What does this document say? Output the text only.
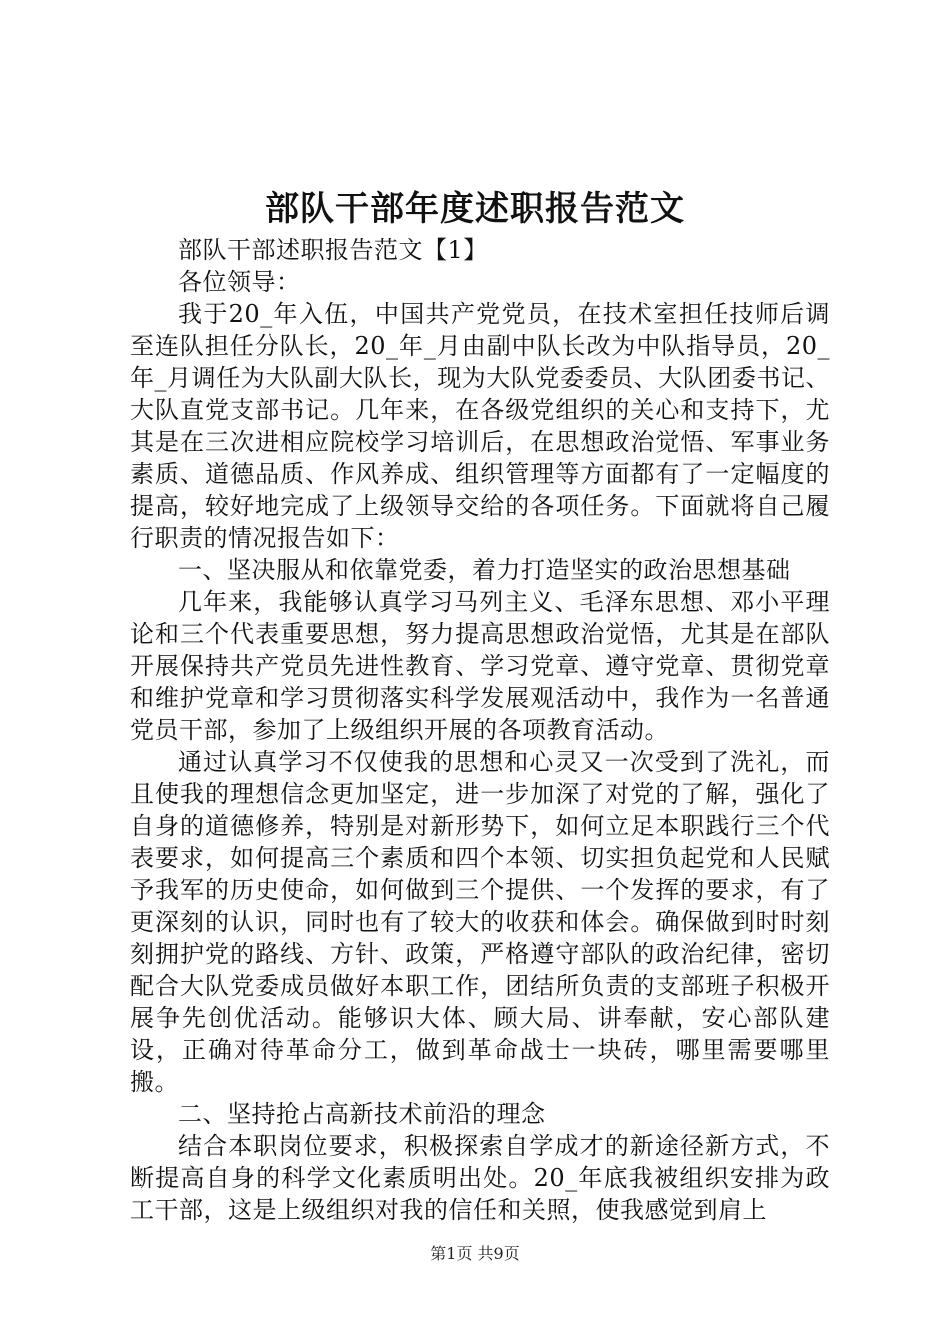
部队干部年度述职报告范文

部队干部述职报告范文【1】

各位领导：

我于20_年入伍，中国共产党党员，在技术室担任技师后调至连队担任分队长，20_年_月由副中队长改为中队指导员，20_年_月调任为大队副大队长，现为大队党委委员、大队团委书记、大队直党支部书记。几年来，在各级党组织的关心和支持下，尤其是在三次进相应院校学习培训后，在思想政治觉悟、军事业务素质、道德品质、作风养成、组织管理等方面都有了一定幅度的提高，较好地完成了上级领导交给的各项任务。下面就将自己履行职责的情况报告如下：

一、坚决服从和依靠党委，着力打造坚实的政治思想基础

几年来，我能够认真学习马列主义、毛泽东思想、邓小平理论和三个代表重要思想，努力提高思想政治觉悟，尤其是在部队开展保持共产党员先进性教育、学习党章、遵守党章、贯彻党章和维护党章和学习贯彻落实科学发展观活动中，我作为一名普通党员干部，参加了上级组织开展的各项教育活动。

通过认真学习不仅使我的思想和心灵又一次受到了洗礼，而且使我的理想信念更加坚定，进一步加深了对党的了解，强化了自身的道德修养，特别是对新形势下，如何立足本职践行三个代表要求，如何提高三个素质和四个本领、切实担负起党和人民赋予我军的历史使命，如何做到三个提供、一个发挥的要求，有了更深刻的认识，同时也有了较大的收获和体会。确保做到时时刻刻拥护党的路线、方针、政策，严格遵守部队的政治纪律，密切配合大队党委成员做好本职工作，团结所负责的支部班子积极开展争先创优活动。能够识大体、顾大局、讲奉献，安心部队建设，正确对待革命分工，做到革命战士一块砖，哪里需要哪里搬。

二、坚持抢占高新技术前沿的理念

结合本职岗位要求，积极探索自学成才的新途径新方式，不断提高自身的科学文化素质明出处。20_年底我被组织安排为政工干部，这是上级组织对我的信任和关照，使我感觉到肩上

第1页 共9页
